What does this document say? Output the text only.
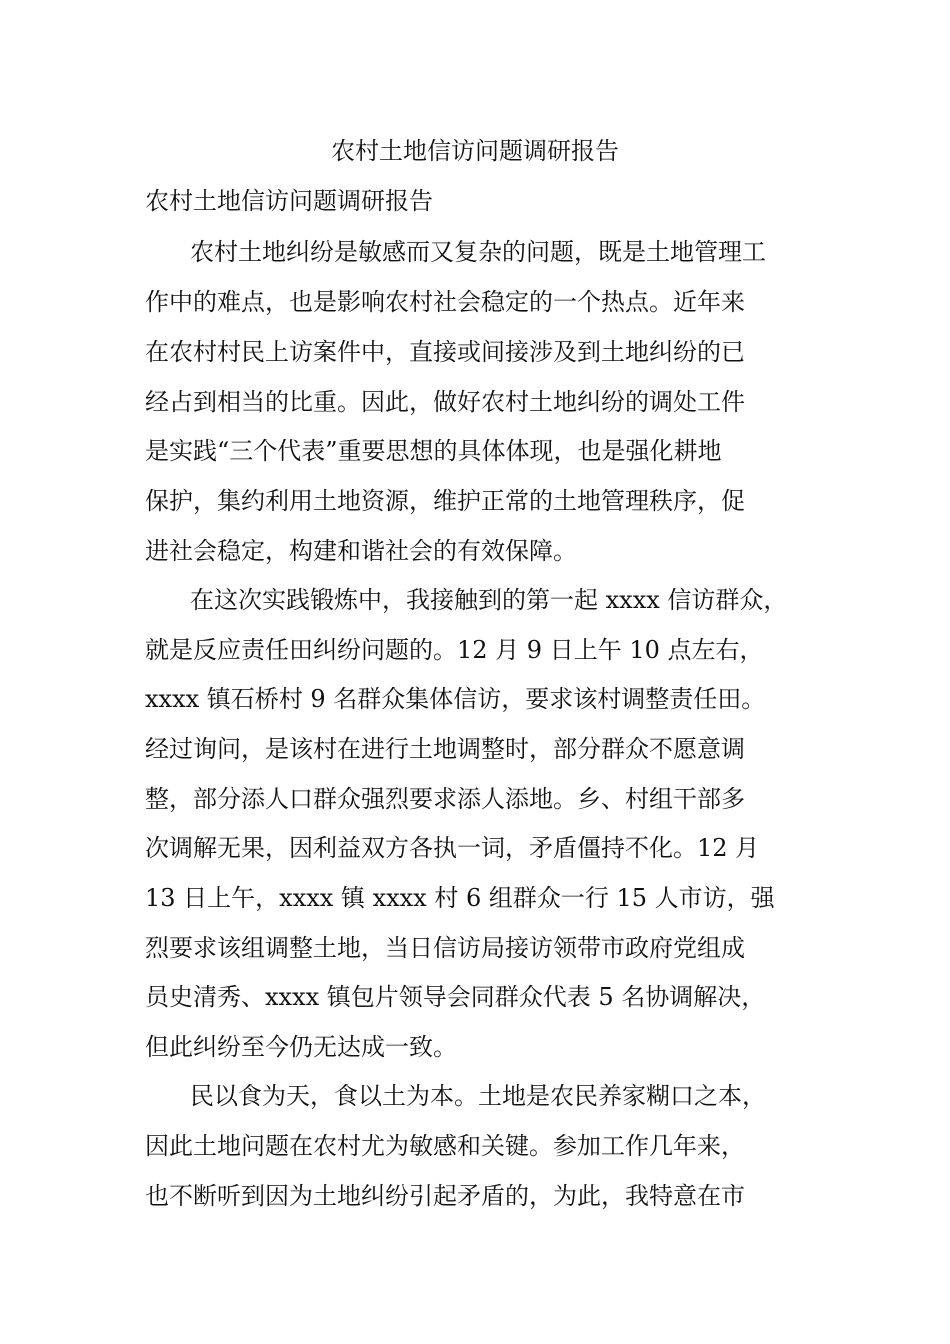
农村土地信访问题调研报告
农村土地信访问题调研报告
农村土地纠纷是敏感而又复杂的问题，既是土地管理工
作中的难点，也是影响农村社会稳定的一个热点。近年来
在农村村民上访案件中，直接或间接涉及到土地纠纷的已
经占到相当的比重。因此，做好农村土地纠纷的调处工件
是实践“三个代表”重要思想的具体体现，也是强化耕地
保护，集约利用土地资源，维护正常的土地管理秩序，促
进社会稳定，构建和谐社会的有效保障。
在这次实践锻炼中，我接触到的第一起 xxxx 信访群众，
就是反应责任田纠纷问题的。12 月 9 日上午 10 点左右，
xxxx 镇石桥村 9 名群众集体信访，要求该村调整责任田。
经过询问，是该村在进行土地调整时，部分群众不愿意调
整，部分添人口群众强烈要求添人添地。乡、村组干部多
次调解无果，因利益双方各执一词，矛盾僵持不化。12 月
13 日上午，xxxx 镇 xxxx 村 6 组群众一行 15 人市访，强
烈要求该组调整土地，当日信访局接访领带市政府党组成
员史清秀、xxxx 镇包片领导会同群众代表 5 名协调解决，
但此纠纷至今仍无达成一致。
民以食为天，食以土为本。土地是农民养家糊口之本，
因此土地问题在农村尤为敏感和关键。参加工作几年来，
也不断听到因为土地纠纷引起矛盾的，为此，我特意在市
